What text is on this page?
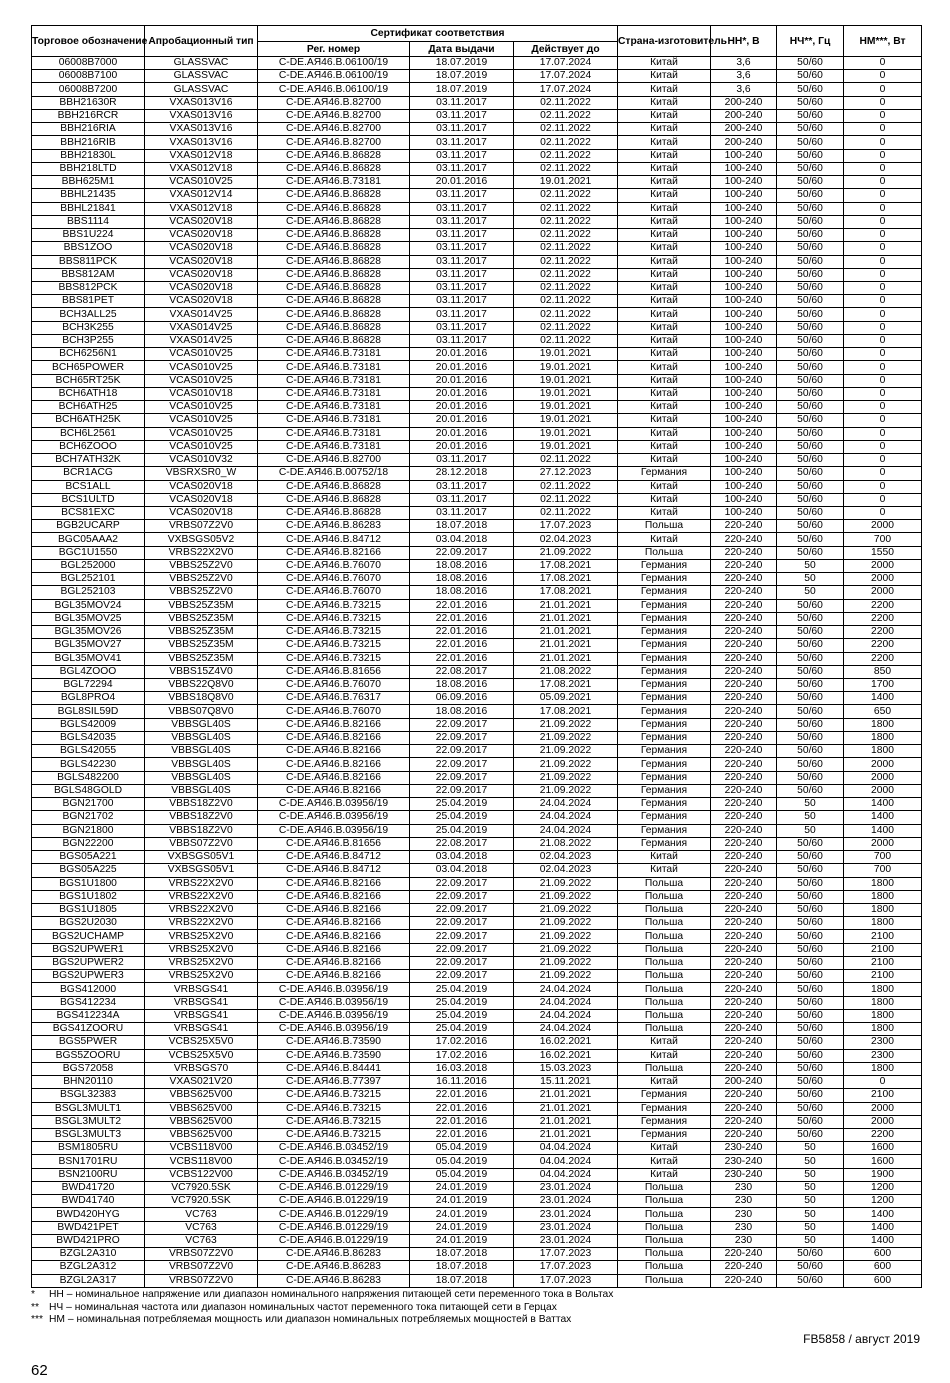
Торговое обозначение	Апробационный тип	Сертификат соответствия			Страна-изготовитель	НН*, В	НЧ**, Гц	НМ***, Вт
		Рег. номер	Дата выдачи	Действует до				
06008B7000	GLASSVAC	C-DE.АЯ46.В.06100/19	18.07.2019	17.07.2024	Китай	3,6	50/60	0
06008B7100	GLASSVAC	C-DE.АЯ46.В.06100/19	18.07.2019	17.07.2024	Китай	3,6	50/60	0
06008B7200	GLASSVAC	C-DE.АЯ46.В.06100/19	18.07.2019	17.07.2024	Китай	3,6	50/60	0
BBH21630R	VXAS013V16	C-DE.АЯ46.В.82700	03.11.2017	02.11.2022	Китай	200-240	50/60	0
BBH216RCR	VXAS013V16	C-DE.АЯ46.В.82700	03.11.2017	02.11.2022	Китай	200-240	50/60	0
BBH216RIA	VXAS013V16	C-DE.АЯ46.В.82700	03.11.2017	02.11.2022	Китай	200-240	50/60	0
BBH216RIB	VXAS013V16	C-DE.АЯ46.В.82700	03.11.2017	02.11.2022	Китай	200-240	50/60	0
BBH21830L	VXAS012V18	C-DE.АЯ46.В.86828	03.11.2017	02.11.2022	Китай	100-240	50/60	0
BBH218LTD	VXAS012V18	C-DE.АЯ46.В.86828	03.11.2017	02.11.2022	Китай	100-240	50/60	0
BBH625M1	VCAS010V25	C-DE.АЯ46.В.73181	20.01.2016	19.01.2021	Китай	100-240	50/60	0
BBHL21435	VXAS012V14	C-DE.АЯ46.В.86828	03.11.2017	02.11.2022	Китай	100-240	50/60	0
BBHL21841	VXAS012V18	C-DE.АЯ46.В.86828	03.11.2017	02.11.2022	Китай	100-240	50/60	0
BBS1114	VCAS020V18	C-DE.АЯ46.В.86828	03.11.2017	02.11.2022	Китай	100-240	50/60	0
BBS1U224	VCAS020V18	C-DE.АЯ46.В.86828	03.11.2017	02.11.2022	Китай	100-240	50/60	0
BBS1ZOO	VCAS020V18	C-DE.АЯ46.В.86828	03.11.2017	02.11.2022	Китай	100-240	50/60	0
BBS811PCK	VCAS020V18	C-DE.АЯ46.В.86828	03.11.2017	02.11.2022	Китай	100-240	50/60	0
BBS812AM	VCAS020V18	C-DE.АЯ46.В.86828	03.11.2017	02.11.2022	Китай	100-240	50/60	0
BBS812PCK	VCAS020V18	C-DE.АЯ46.В.86828	03.11.2017	02.11.2022	Китай	100-240	50/60	0
BBS81PET	VCAS020V18	C-DE.АЯ46.В.86828	03.11.2017	02.11.2022	Китай	100-240	50/60	0
BCH3ALL25	VXAS014V25	C-DE.АЯ46.В.86828	03.11.2017	02.11.2022	Китай	100-240	50/60	0
BCH3K255	VXAS014V25	C-DE.АЯ46.В.86828	03.11.2017	02.11.2022	Китай	100-240	50/60	0
BCH3P255	VXAS014V25	C-DE.АЯ46.В.86828	03.11.2017	02.11.2022	Китай	100-240	50/60	0
BCH6256N1	VCAS010V25	C-DE.АЯ46.В.73181	20.01.2016	19.01.2021	Китай	100-240	50/60	0
BCH65POWER	VCAS010V25	C-DE.АЯ46.В.73181	20.01.2016	19.01.2021	Китай	100-240	50/60	0
BCH65RT25K	VCAS010V25	C-DE.АЯ46.В.73181	20.01.2016	19.01.2021	Китай	100-240	50/60	0
BCH6ATH18	VCAS010V18	C-DE.АЯ46.В.73181	20.01.2016	19.01.2021	Китай	100-240	50/60	0
BCH6ATH25	VCAS010V25	C-DE.АЯ46.В.73181	20.01.2016	19.01.2021	Китай	100-240	50/60	0
BCH6ATH25K	VCAS010V25	C-DE.АЯ46.В.73181	20.01.2016	19.01.2021	Китай	100-240	50/60	0
BCH6L2561	VCAS010V25	C-DE.АЯ46.В.73181	20.01.2016	19.01.2021	Китай	100-240	50/60	0
BCH6ZOOO	VCAS010V25	C-DE.АЯ46.В.73181	20.01.2016	19.01.2021	Китай	100-240	50/60	0
BCH7ATH32K	VCAS010V32	C-DE.АЯ46.В.82700	03.11.2017	02.11.2022	Китай	100-240	50/60	0
BCR1ACG	VBSRXSR0_W	C-DE.АЯ46.В.00752/18	28.12.2018	27.12.2023	Германия	100-240	50/60	0
BCS1ALL	VCAS020V18	C-DE.АЯ46.В.86828	03.11.2017	02.11.2022	Китай	100-240	50/60	0
BCS1ULTD	VCAS020V18	C-DE.АЯ46.В.86828	03.11.2017	02.11.2022	Китай	100-240	50/60	0
BCS81EXC	VCAS020V18	C-DE.АЯ46.В.86828	03.11.2017	02.11.2022	Китай	100-240	50/60	0
BGB2UCARP	VRBS07Z2V0	C-DE.АЯ46.В.86283	18.07.2018	17.07.2023	Польша	220-240	50/60	2000
BGC05AAA2	VXBSGS05V2	C-DE.АЯ46.В.84712	03.04.2018	02.04.2023	Китай	220-240	50/60	700
BGC1U1550	VRBS22X2V0	C-DE.АЯ46.В.82166	22.09.2017	21.09.2022	Польша	220-240	50/60	1550
BGL252000	VBBS25Z2V0	C-DE.АЯ46.В.76070	18.08.2016	17.08.2021	Германия	220-240	50	2000
BGL252101	VBBS25Z2V0	C-DE.АЯ46.В.76070	18.08.2016	17.08.2021	Германия	220-240	50	2000
BGL252103	VBBS25Z2V0	C-DE.АЯ46.В.76070	18.08.2016	17.08.2021	Германия	220-240	50	2000
BGL35MOV24	VBBS25Z35M	C-DE.АЯ46.В.73215	22.01.2016	21.01.2021	Германия	220-240	50/60	2200
BGL35MOV25	VBBS25Z35M	C-DE.АЯ46.В.73215	22.01.2016	21.01.2021	Германия	220-240	50/60	2200
BGL35MOV26	VBBS25Z35M	C-DE.АЯ46.В.73215	22.01.2016	21.01.2021	Германия	220-240	50/60	2200
BGL35MOV27	VBBS25Z35M	C-DE.АЯ46.В.73215	22.01.2016	21.01.2021	Германия	220-240	50/60	2200
BGL35MOV41	VBBS25Z35M	C-DE.АЯ46.В.73215	22.01.2016	21.01.2021	Германия	220-240	50/60	2200
BGL4ZOOO	VBBS15Z4V0	C-DE.АЯ46.В.81656	22.08.2017	21.08.2022	Германия	220-240	50/60	850
BGL72294	VBBS22Q8V0	C-DE.АЯ46.В.76070	18.08.2016	17.08.2021	Германия	220-240	50/60	1700
BGL8PRO4	VBBS18Q8V0	C-DE.АЯ46.В.76317	06.09.2016	05.09.2021	Германия	220-240	50/60	1400
BGL8SIL59D	VBBS07Q8V0	C-DE.АЯ46.В.76070	18.08.2016	17.08.2021	Германия	220-240	50/60	650
BGLS42009	VBBSGL40S	C-DE.АЯ46.В.82166	22.09.2017	21.09.2022	Германия	220-240	50/60	1800
BGLS42035	VBBSGL40S	C-DE.АЯ46.В.82166	22.09.2017	21.09.2022	Германия	220-240	50/60	1800
BGLS42055	VBBSGL40S	C-DE.АЯ46.В.82166	22.09.2017	21.09.2022	Германия	220-240	50/60	1800
BGLS42230	VBBSGL40S	C-DE.АЯ46.В.82166	22.09.2017	21.09.2022	Германия	220-240	50/60	2000
BGLS482200	VBBSGL40S	C-DE.АЯ46.В.82166	22.09.2017	21.09.2022	Германия	220-240	50/60	2000
BGLS48GOLD	VBBSGL40S	C-DE.АЯ46.В.82166	22.09.2017	21.09.2022	Германия	220-240	50/60	2000
BGN21700	VBBS18Z2V0	C-DE.АЯ46.В.03956/19	25.04.2019	24.04.2024	Германия	220-240	50	1400
BGN21702	VBBS18Z2V0	C-DE.АЯ46.В.03956/19	25.04.2019	24.04.2024	Германия	220-240	50	1400
BGN21800	VBBS18Z2V0	C-DE.АЯ46.В.03956/19	25.04.2019	24.04.2024	Германия	220-240	50	1400
BGN22200	VBBS07Z2V0	C-DE.АЯ46.В.81656	22.08.2017	21.08.2022	Германия	220-240	50/60	2000
BGS05A221	VXBSGS05V1	C-DE.АЯ46.В.84712	03.04.2018	02.04.2023	Китай	220-240	50/60	700
BGS05A225	VXBSGS05V1	C-DE.АЯ46.В.84712	03.04.2018	02.04.2023	Китай	220-240	50/60	700
BGS1U1800	VRBS22X2V0	C-DE.АЯ46.В.82166	22.09.2017	21.09.2022	Польша	220-240	50/60	1800
BGS1U1802	VRBS22X2V0	C-DE.АЯ46.В.82166	22.09.2017	21.09.2022	Польша	220-240	50/60	1800
BGS1U1805	VRBS22X2V0	C-DE.АЯ46.В.82166	22.09.2017	21.09.2022	Польша	220-240	50/60	1800
BGS2U2030	VRBS22X2V0	C-DE.АЯ46.В.82166	22.09.2017	21.09.2022	Польша	220-240	50/60	1800
BGS2UCHAMP	VRBS25X2V0	C-DE.АЯ46.В.82166	22.09.2017	21.09.2022	Польша	220-240	50/60	2100
BGS2UPWER1	VRBS25X2V0	C-DE.АЯ46.В.82166	22.09.2017	21.09.2022	Польша	220-240	50/60	2100
BGS2UPWER2	VRBS25X2V0	C-DE.АЯ46.В.82166	22.09.2017	21.09.2022	Польша	220-240	50/60	2100
BGS2UPWER3	VRBS25X2V0	C-DE.АЯ46.В.82166	22.09.2017	21.09.2022	Польша	220-240	50/60	2100
BGS412000	VRBSGS41	C-DE.АЯ46.В.03956/19	25.04.2019	24.04.2024	Польша	220-240	50/60	1800
BGS412234	VRBSGS41	C-DE.АЯ46.В.03956/19	25.04.2019	24.04.2024	Польша	220-240	50/60	1800
BGS412234A	VRBSGS41	C-DE.АЯ46.В.03956/19	25.04.2019	24.04.2024	Польша	220-240	50/60	1800
BGS41ZOORU	VRBSGS41	C-DE.АЯ46.В.03956/19	25.04.2019	24.04.2024	Польша	220-240	50/60	1800
BGS5PWER	VCBS25X5V0	C-DE.АЯ46.В.73590	17.02.2016	16.02.2021	Китай	220-240	50/60	2300
BGS5ZOORU	VCBS25X5V0	C-DE.АЯ46.В.73590	17.02.2016	16.02.2021	Китай	220-240	50/60	2300
BGS72058	VRBSGS70	C-DE.АЯ46.В.84441	16.03.2018	15.03.2023	Польша	220-240	50/60	1800
BHN20110	VXAS021V20	C-DE.АЯ46.В.77397	16.11.2016	15.11.2021	Китай	200-240	50/60	0
BSGL32383	VBBS625V00	C-DE.АЯ46.В.73215	22.01.2016	21.01.2021	Германия	220-240	50/60	2100
BSGL3MULT1	VBBS625V00	C-DE.АЯ46.В.73215	22.01.2016	21.01.2021	Германия	220-240	50/60	2000
BSGL3MULT2	VBBS625V00	C-DE.АЯ46.В.73215	22.01.2016	21.01.2021	Германия	220-240	50/60	2000
BSGL3MULT3	VBBS625V00	C-DE.АЯ46.В.73215	22.01.2016	21.01.2021	Германия	220-240	50/60	2200
BSM1805RU	VCBS118V00	C-DE.АЯ46.В.03452/19	05.04.2019	04.04.2024	Китай	230-240	50	1600
BSN1701RU	VCBS118V00	C-DE.АЯ46.В.03452/19	05.04.2019	04.04.2024	Китай	230-240	50	1600
BSN2100RU	VCBS122V00	C-DE.АЯ46.В.03452/19	05.04.2019	04.04.2024	Китай	230-240	50	1900
BWD41720	VC7920.5SK	C-DE.АЯ46.В.01229/19	24.01.2019	23.01.2024	Польша	230	50	1200
BWD41740	VC7920.5SK	C-DE.АЯ46.В.01229/19	24.01.2019	23.01.2024	Польша	230	50	1200
BWD420HYG	VC763	C-DE.АЯ46.В.01229/19	24.01.2019	23.01.2024	Польша	230	50	1400
BWD421PET	VC763	C-DE.АЯ46.В.01229/19	24.01.2019	23.01.2024	Польша	230	50	1400
BWD421PRO	VC763	C-DE.АЯ46.В.01229/19	24.01.2019	23.01.2024	Польша	230	50	1400
BZGL2A310	VRBS07Z2V0	C-DE.АЯ46.В.86283	18.07.2018	17.07.2023	Польша	220-240	50/60	600
BZGL2A312	VRBS07Z2V0	C-DE.АЯ46.В.86283	18.07.2018	17.07.2023	Польша	220-240	50/60	600
BZGL2A317	VRBS07Z2V0	C-DE.АЯ46.В.86283	18.07.2018	17.07.2023	Польша	220-240	50/60	600
*	НН – номинальное напряжение или диапазон номинального напряжения питающей сети переменного тока в Вольтах
** НЧ – номинальная частота или диапазон номинальных частот переменного тока питающей сети в Герцах
*** НМ – номинальная потребляемая мощность или диапазон номинальных потребляемых мощностей в Ваттах
FB5858 / август 2019
62
